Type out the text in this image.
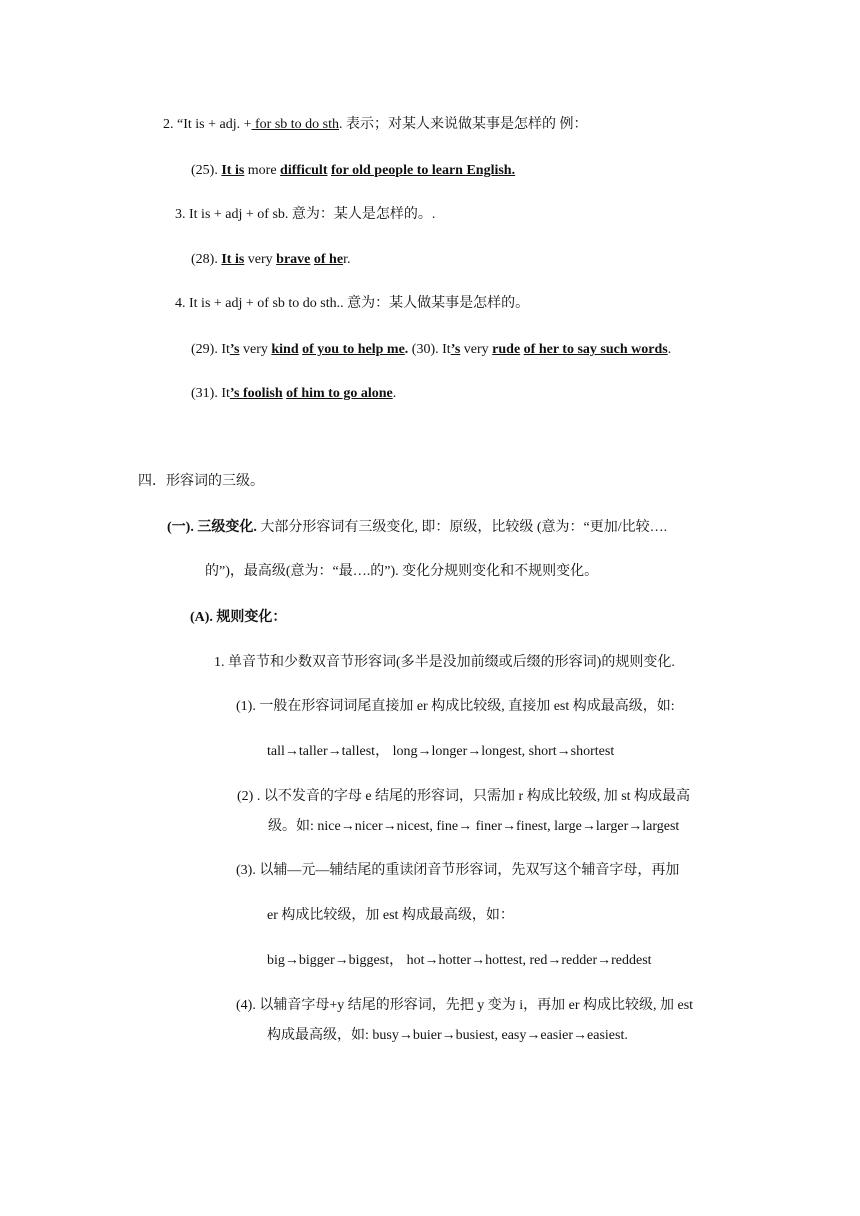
2. “It is + adj. + for sb to do sth. 表示；对某人来说做某事是怎样的 例：
(25). It is more difficult for old people to learn English.
3. It is + adj + of sb. 意为：某人是怎样的。.
(28). It is very brave of her.
4. It is + adj + of sb to do sth.. 意为：某人做某事是怎样的。
(29). It’s very kind of you to help me. (30). It’s very rude of her to say such words.
(31). It’s foolish of him to go alone.
四．形容词的三级。
(一). 三级变化. 大部分形容词有三级变化, 即：原级，比较级 (意为：“更加/比较….
的”)，最高级(意为：“最….的”). 变化分规则变化和不规则变化。
(A). 规则变化：
1. 单音节和少数双音节形容词(多半是没加前缀或后缀的形容词)的规则变化.
(1). 一般在形容词词尾直接加 er 构成比较级, 直接加 est 构成最高级，如:
tall→taller→tallest， long→longer→longest, short→shortest
(2) . 以不发音的字母 e 结尾的形容词，只需加 r 构成比较级, 加 st 构成最高
级。如: nice→nicer→nicest, fine→ finer→finest, large→larger→largest
(3). 以辅—元—辅结尾的重读闭音节形容词，先双写这个辅音字母，再加
er 构成比较级，加 est 构成最高级，如：
big→bigger→biggest， hot→hotter→hottest, red→redder→reddest
(4). 以辅音字母+y 结尾的形容词，先把 y 变为 i，再加 er 构成比较级, 加 est
构成最高级，如: busy→buier→busiest, easy→easier→easiest.
